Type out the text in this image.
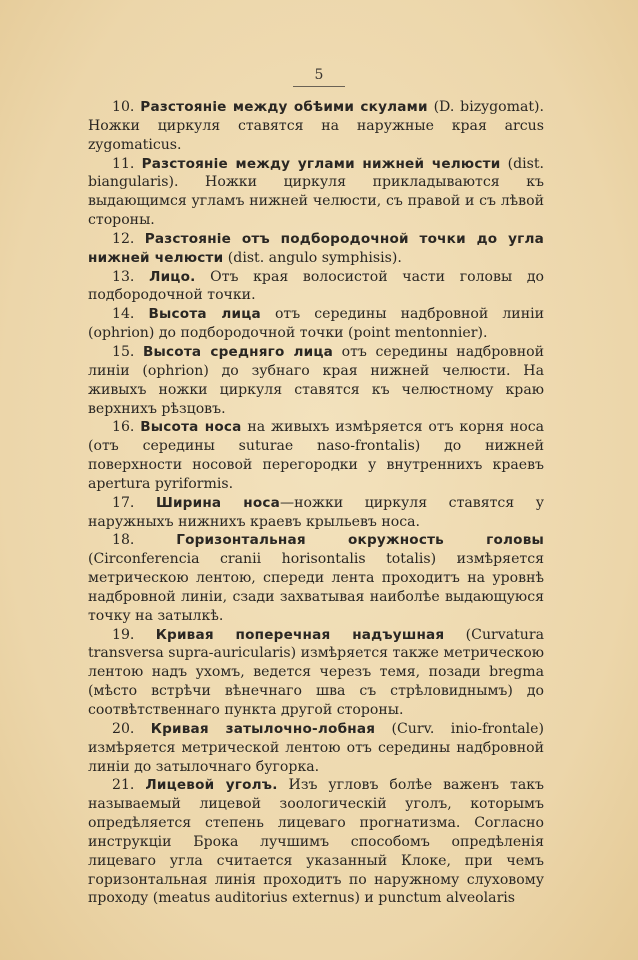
5

10. Разстоянiе между обѣими скулами (D. bizygomat). Ножки циркуля ставятся на наружные края arcus zygomaticus.

11. Разстоянiе между углами нижней челюсти (dist. biangularis). Ножки циркуля прикладываются къ выдающимся угламъ нижней челюсти, съ правой и съ лѣвой стороны.

12. Разстоянiе отъ подбородочной точки до угла нижней челюсти (dist. angulo symphisis).

13. Лицо. Отъ края волосистой части головы до подбородочной точки.

14. Высота лица отъ середины надбровной линiи (ophrion) до подбородочной точки (point mentonnier).

15. Высота средняго лица отъ середины надбровной линiи (ophrion) до зубнаго края нижней челюсти. На живыхъ ножки циркуля ставятся къ челюстному краю верхнихъ рѣзцовъ.

16. Высота носа на живыхъ измѣряется отъ корня носа (отъ середины suturae naso-frontalis) до нижней поверхности носовой перегородки у внутреннихъ краевъ apertura pyriformis.

17. Ширина носа—ножки циркуля ставятся у наружныхъ нижнихъ краевъ крыльевъ носа.

18.	Горизонтальная окружность головы (Circonferencia cranii horisontalis totalis) измѣряется метрическою лентою, спереди лента проходитъ на уровнѣ надбровной линiи, сзади захватывая наиболѣе выдающуюся точку на затылкѣ.

19. Кривая поперечная надъушная (Curvatura transversa supra-auricularis) измѣряется также метрическою лентою надъ ухомъ, ведется черезъ темя, позади bregma (мѣсто встрѣчи вѣнечнаго шва съ стрѣловиднымъ) до соотвѣтственнаго пункта другой стороны.

20. Кривая затылочно-лобная (Curv. inio-frontale) измѣряется метрической лентою отъ середины надбровной линiи до затылочнаго бугорка.

21. Лицевой уголъ. Изъ угловъ болѣе важенъ такъ называемый лицевой зоологическiй уголъ, которымъ опредѣляется степень лицеваго прогнатизма. Согласно инструкцiи Брока лучшимъ способомъ опредѣленiя лицеваго угла считается указанный Клоке, при чемъ горизонтальная линiя проходитъ по наружному слуховому проходу (meatus auditorius externus) и punctum alveolaris
